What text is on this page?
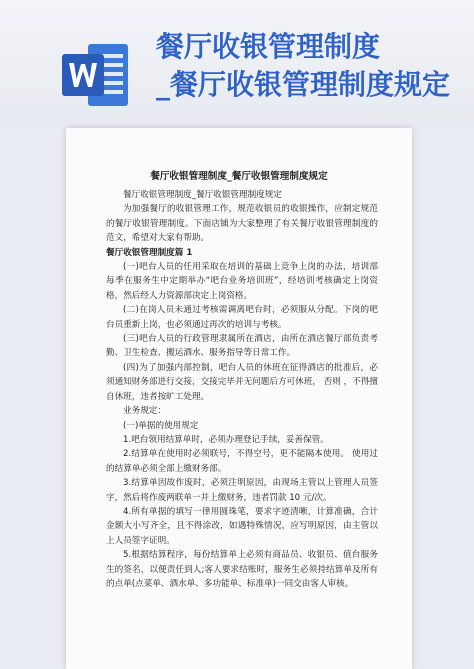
餐厅收银管理制度
_餐厅收银管理制度规定
餐厅收银管理制度_餐厅收银管理制度规定

餐厅收银管理制度_餐厅收银管理制度规定

为加强餐厅的收银管理工作，规范收银员的收银操作，应制定规范的餐厅收银管理制度。下面店铺为大家整理了有关餐厅收银管理制度的范文，希望对大家有帮助。

餐厅收银管理制度篇 1

(一)吧台人员的任用采取在培训的基础上竞争上岗的办法，培训部每季在服务生中定期举办“吧台业务培训班”，经培训考核确定上岗资格，然后经人力资源部决定上岗资格。

(二)在岗人员未通过考核需调离吧台时，必须服从分配。下岗的吧台员重新上岗，也必须通过再次的培训与考核。

(三)吧台人员的行政管理隶属所在酒店，由所在酒店餐厅部负责考勤、卫生检查、搬运酒水、服务指导等日常工作。

(四)为了加强内部控制，吧台人员的休班在征得酒店的批准后，必须通知财务部进行交接，交接完毕并无问题后方可休班， 否则 ，不得擅自休班，违者按旷工处理。

业务规定：

(一)单据的使用规定

1.吧台领用结算单时，必须办理登记手续，妥善保管。

2.结算单在使用时必须联号，不得空号，更不能隔本使用。 使用过的结算单必须全部上缴财务部。

3.结算单因故作废时，必须注明原因，由现场主管以上管理人员签字，然后将作废两联单一并上缴财务，违者罚款 10 元/次。

4.所有单据的填写一律用圆珠笔，要求字迹清晰，计算准确，合计金额大小写齐全，且不得涂改，如遇特殊情况，应写明原因，由主管以上人员签字证明。

5.根据结算程序，每份结算单上必须有商品员、收银员、值台服务生的签名，以便责任到人;客人要求结账时，服务生必须持结算单及所有的点单(点菜单、酒水单、多功能单、标准单)一同交由客人审核。
